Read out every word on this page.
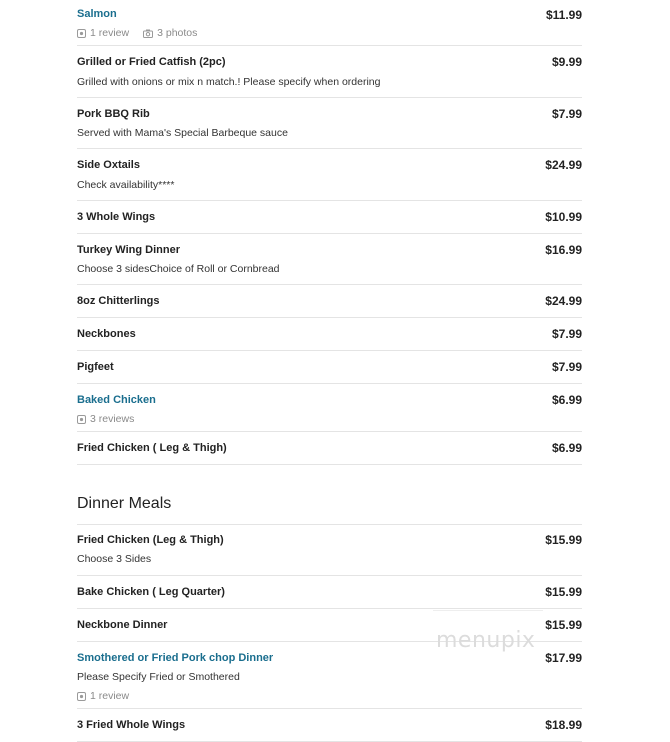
Salmon	$11.99
1 review	3 photos
Grilled or Fried Catfish (2pc)	$9.99
Grilled with onions or mix n match.! Please specify when ordering
Pork BBQ Rib	$7.99
Served with Mama's Special Barbeque sauce
Side Oxtails	$24.99
Check availability****
3 Whole Wings	$10.99
Turkey Wing Dinner	$16.99
Choose 3 sidesChoice of Roll or Cornbread
8oz Chitterlings	$24.99
Neckbones	$7.99
Pigfeet	$7.99
Baked Chicken	$6.99
3 reviews
Fried Chicken ( Leg & Thigh)	$6.99
Dinner Meals
Fried Chicken (Leg & Thigh)	$15.99
Choose 3 Sides
Bake Chicken ( Leg Quarter)	$15.99
Neckbone Dinner	$15.99
Smothered or Fried Pork chop Dinner	$17.99
Please Specify Fried or Smothered
1 review
3 Fried Whole Wings	$18.99
menupix
